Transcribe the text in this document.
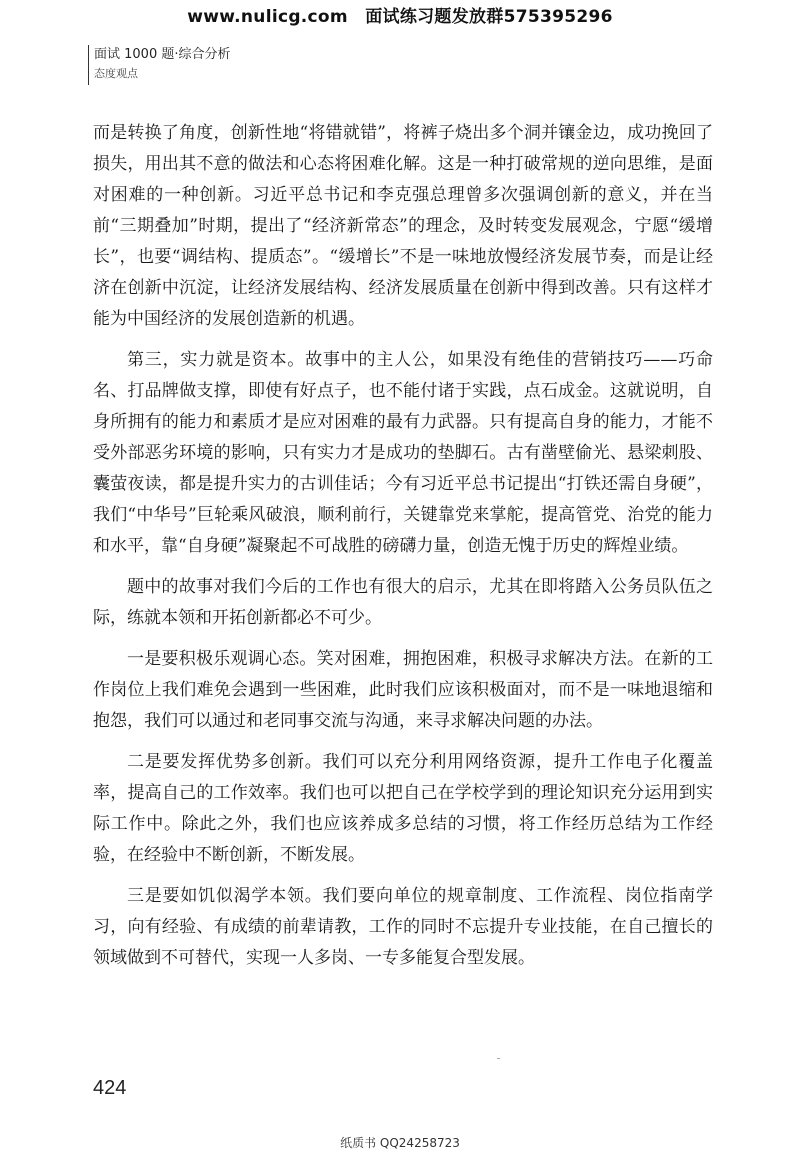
www.nulicg.com　面试练习题发放群575395296
面试 1000 题·综合分析
态度观点

而是转换了角度，创新性地“将错就错”，将裤子烧出多个洞并镶金边，成功挽回了损失，用出其不意的做法和心态将困难化解。这是一种打破常规的逆向思维，是面对困难的一种创新。习近平总书记和李克强总理曾多次强调创新的意义，并在当前“三期叠加”时期，提出了“经济新常态”的理念，及时转变发展观念，宁愿“缓增长”，也要“调结构、提质态”。“缓增长”不是一味地放慢经济发展节奏，而是让经济在创新中沉淀，让经济发展结构、经济发展质量在创新中得到改善。只有这样才能为中国经济的发展创造新的机遇。

第三，实力就是资本。故事中的主人公，如果没有绝佳的营销技巧——巧命名、打品牌做支撑，即使有好点子，也不能付诸于实践，点石成金。这就说明，自身所拥有的能力和素质才是应对困难的最有力武器。只有提高自身的能力，才能不受外部恶劣环境的影响，只有实力才是成功的垫脚石。古有凿壁偷光、悬梁刺股、囊萤夜读，都是提升实力的古训佳话；今有习近平总书记提出“打铁还需自身硬”，我们“中华号”巨轮乘风破浪，顺利前行，关键靠党来掌舵，提高管党、治党的能力和水平，靠“自身硬”凝聚起不可战胜的磅礴力量，创造无愧于历史的辉煌业绩。

题中的故事对我们今后的工作也有很大的启示，尤其在即将踏入公务员队伍之际，练就本领和开拓创新都必不可少。

一是要积极乐观调心态。笑对困难，拥抱困难，积极寻求解决方法。在新的工作岗位上我们难免会遇到一些困难，此时我们应该积极面对，而不是一味地退缩和抱怨，我们可以通过和老同事交流与沟通，来寻求解决问题的办法。

二是要发挥优势多创新。我们可以充分利用网络资源，提升工作电子化覆盖率，提高自己的工作效率。我们也可以把自己在学校学到的理论知识充分运用到实际工作中。除此之外，我们也应该养成多总结的习惯，将工作经历总结为工作经验，在经验中不断创新，不断发展。

三是要如饥似渴学本领。我们要向单位的规章制度、工作流程、岗位指南学习，向有经验、有成绩的前辈请教，工作的同时不忘提升专业技能，在自己擅长的领域做到不可替代，实现一人多岗、一专多能复合型发展。

424
纸质书 QQ24258723
